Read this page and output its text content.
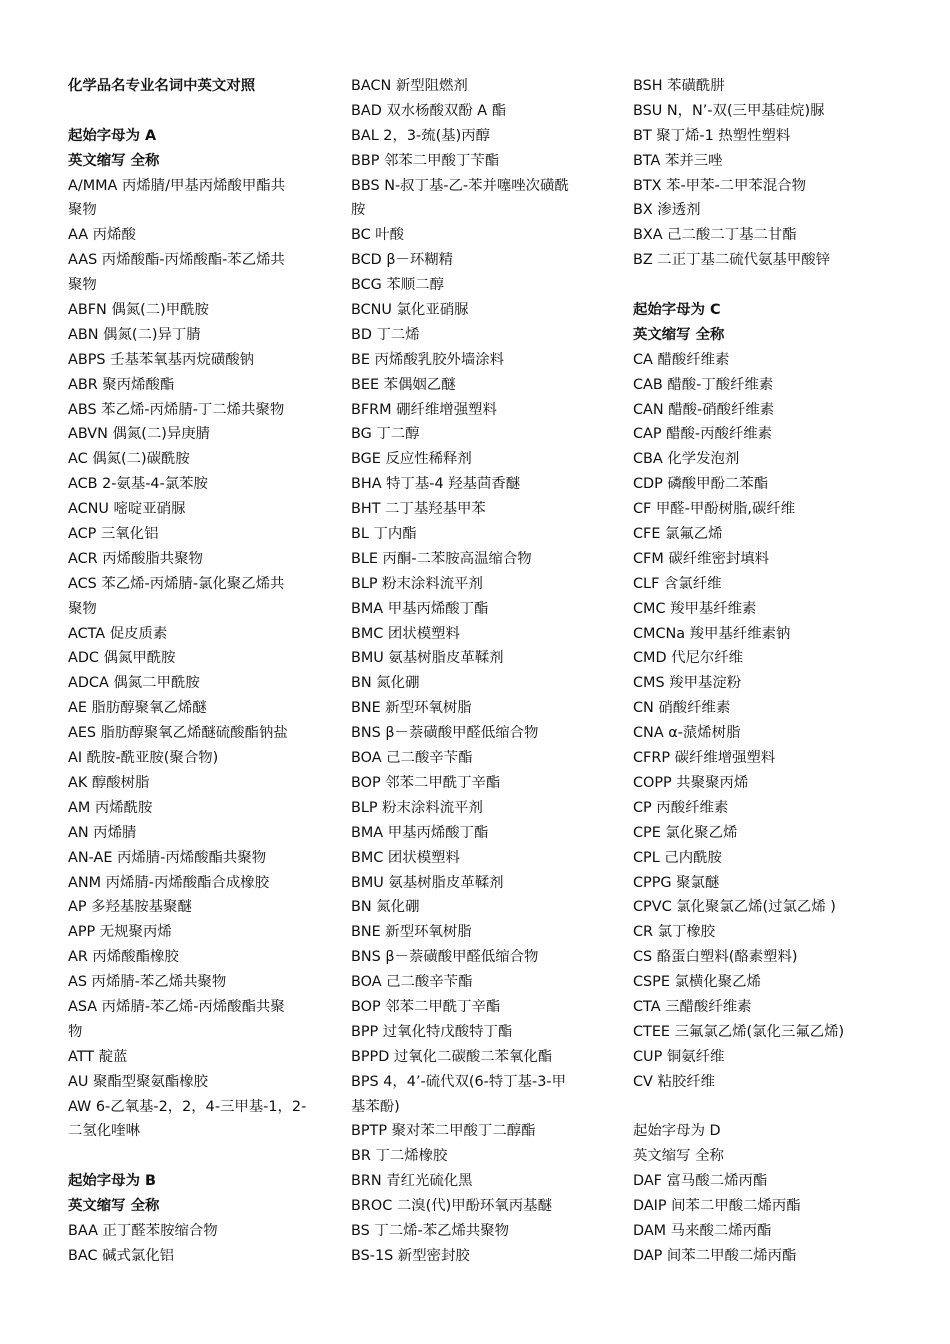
化学品名专业名词中英文对照
起始字母为 A
英文缩写 全称
A/MMA 丙烯腈/甲基丙烯酸甲酯共
聚物
AA 丙烯酸
AAS 丙烯酸酯-丙烯酸酯-苯乙烯共
聚物
ABFN 偶氮(二)甲酰胺
ABN 偶氮(二)异丁腈
ABPS 壬基苯氧基丙烷磺酸钠
ABR 聚丙烯酸酯
ABS 苯乙烯-丙烯腈-丁二烯共聚物
ABVN 偶氮(二)异庚腈
AC 偶氮(二)碳酰胺
ACB 2-氨基-4-氯苯胺
ACNU 嘧啶亚硝脲
ACP 三氧化铝
ACR 丙烯酸脂共聚物
ACS 苯乙烯-丙烯腈-氯化聚乙烯共
聚物
ACTA 促皮质素
ADC 偶氮甲酰胺
ADCA 偶氮二甲酰胺
AE 脂肪醇聚氧乙烯醚
AES 脂肪醇聚氧乙烯醚硫酸酯钠盐
AI 酰胺-酰亚胺(聚合物)
AK 醇酸树脂
AM 丙烯酰胺
AN 丙烯腈
AN-AE 丙烯腈-丙烯酸酯共聚物
ANM 丙烯腈-丙烯酸酯合成橡胶
AP 多羟基胺基聚醚
APP 无规聚丙烯
AR 丙烯酸酯橡胶
AS 丙烯腈-苯乙烯共聚物
ASA 丙烯腈-苯乙烯-丙烯酸酯共聚
物
ATT 靛蓝
AU 聚酯型聚氨酯橡胶
AW 6-乙氧基-2，2，4-三甲基-1，2-
二氢化喹啉
起始字母为 B
英文缩写 全称
BAA 正丁醛苯胺缩合物
BAC 碱式氯化铝
BACN 新型阻燃剂
BAD 双水杨酸双酚 A 酯
BAL 2，3-巯(基)丙醇
BBP 邻苯二甲酸丁苄酯
BBS N-叔丁基-乙-苯并噻唑次磺酰
胺
BC 叶酸
BCD β－环糊精
BCG 苯顺二醇
BCNU 氯化亚硝脲
BD 丁二烯
BE 丙烯酸乳胶外墙涂料
BEE 苯偶姻乙醚
BFRM 硼纤维增强塑料
BG 丁二醇
BGE 反应性稀释剂
BHA 特丁基-4 羟基茴香醚
BHT 二丁基羟基甲苯
BL 丁内酯
BLE 丙酮-二苯胺高温缩合物
BLP 粉末涂料流平剂
BMA 甲基丙烯酸丁酯
BMC 团状模塑料
BMU 氨基树脂皮革鞣剂
BN 氮化硼
BNE 新型环氧树脂
BNS β－萘磺酸甲醛低缩合物
BOA 己二酸辛苄酯
BOP 邻苯二甲酰丁辛酯
BLP 粉末涂料流平剂
BMA 甲基丙烯酸丁酯
BMC 团状模塑料
BMU 氨基树脂皮革鞣剂
BN 氮化硼
BNE 新型环氧树脂
BNS β－萘磺酸甲醛低缩合物
BOA 己二酸辛苄酯
BOP 邻苯二甲酰丁辛酯
BPP 过氧化特戊酸特丁酯
BPPD 过氧化二碳酸二苯氧化酯
BPS 4，4’-硫代双(6-特丁基-3-甲
基苯酚)
BPTP 聚对苯二甲酸丁二醇酯
BR 丁二烯橡胶
BRN 青红光硫化黑
BROC 二溴(代)甲酚环氧丙基醚
BS 丁二烯-苯乙烯共聚物
BS-1S 新型密封胶
BSH 苯磺酰肼
BSU N，N’-双(三甲基硅烷)脲
BT 聚丁烯-1 热塑性塑料
BTA 苯并三唑
BTX 苯-甲苯-二甲苯混合物
BX 渗透剂
BXA 己二酸二丁基二甘酯
BZ 二正丁基二硫代氨基甲酸锌
起始字母为 C
英文缩写 全称
CA 醋酸纤维素
CAB 醋酸-丁酸纤维素
CAN 醋酸-硝酸纤维素
CAP 醋酸-丙酸纤维素
CBA 化学发泡剂
CDP 磷酸甲酚二苯酯
CF 甲醛-甲酚树脂,碳纤维
CFE 氯氟乙烯
CFM 碳纤维密封填料
CLF 含氯纤维
CMC 羧甲基纤维素
CMCNa 羧甲基纤维素钠
CMD 代尼尔纤维
CMS 羧甲基淀粉
CN 硝酸纤维素
CNA α-蒎烯树脂
CFRP 碳纤维增强塑料
COPP 共聚聚丙烯
CP 丙酸纤维素
CPE 氯化聚乙烯
CPL 己内酰胺
CPPG 聚氯醚
CPVC 氯化聚氯乙烯(过氯乙烯 )
CR 氯丁橡胶
CS 酪蛋白塑料(酪素塑料)
CSPE 氯横化聚乙烯
CTA 三醋酸纤维素
CTEE 三氟氯乙烯(氯化三氟乙烯)
CUP 铜氨纤维
CV 粘胶纤维
起始字母为 D
英文缩写 全称
DAF 富马酸二烯丙酯
DAIP 间苯二甲酸二烯丙酯
DAM 马来酸二烯丙酯
DAP 间苯二甲酸二烯丙酯
